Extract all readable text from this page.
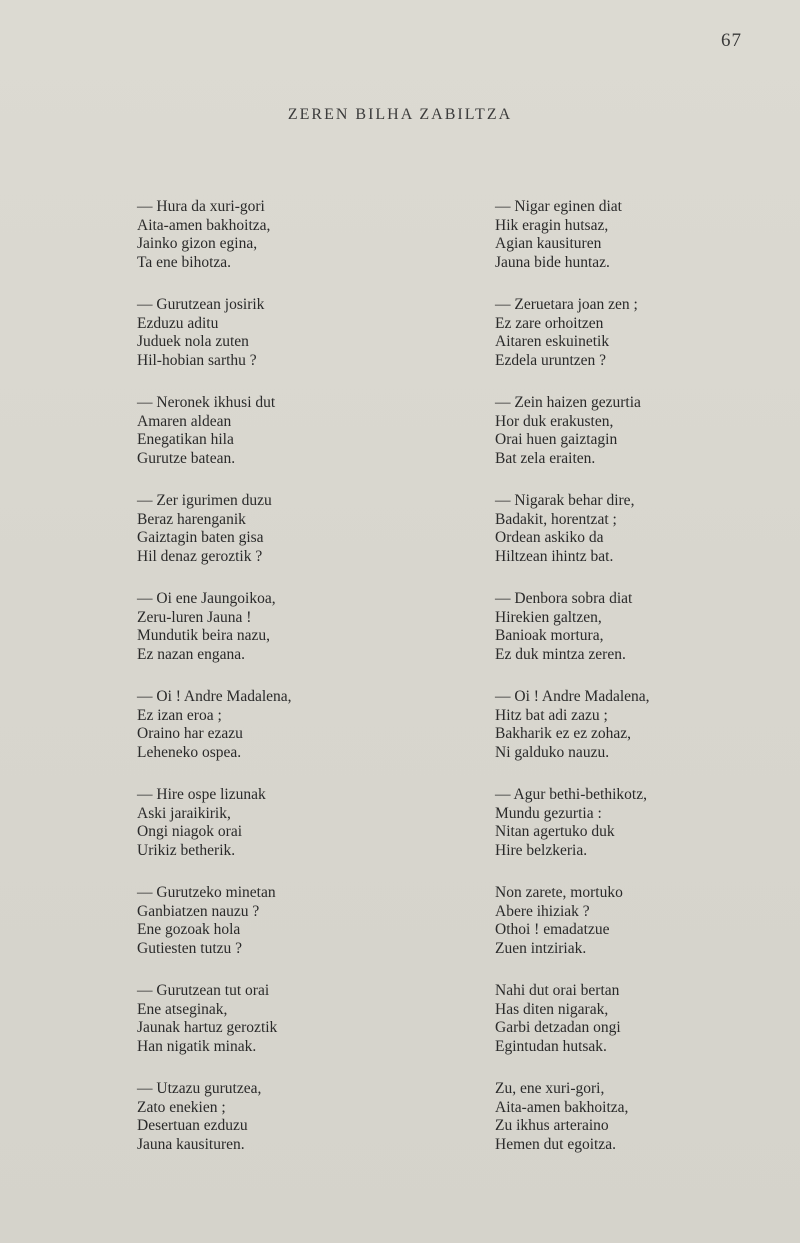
67
ZEREN BILHA ZABILTZA
— Hura da xuri-gori
Aita-amen bakhoitza,
Jainko gizon egina,
Ta ene bihotza.
— Gurutzean josirik
Ezduzu aditu
Juduek nola zuten
Hil-hobian sarthu ?
— Neronek ikhusi dut
Amaren aldean
Enegatikan hila
Gurutze batean.
— Zer igurimen duzu
Beraz harenganik
Gaiztagin baten gisa
Hil denaz geroztik ?
— Oi ene Jaungoikoa,
Zeru-luren Jauna !
Mundutik beira nazu,
Ez nazan engana.
— Oi ! Andre Madalena,
Ez izan eroa ;
Oraino har ezazu
Leheneko ospea.
— Hire ospe lizunak
Aski jaraikirik,
Ongi niagok orai
Urikiz betherik.
— Gurutzeko minetan
Ganbiatzen nauzu ?
Ene gozoak hola
Gutiesten tutzu ?
— Gurutzean tut orai
Ene atseginak,
Jaunak hartuz geroztik
Han nigatik minak.
— Utzazu gurutzea,
Zato enekien ;
Desertuan ezduzu
Jauna kausituren.
— Nigar eginen diat
Hik eragin hutsaz,
Agian kausituren
Jauna bide huntaz.
— Zeruetara joan zen ;
Ez zare orhoitzen
Aitaren eskuinetik
Ezdela uruntzen ?
— Zein haizen gezurtia
Hor duk erakusten,
Orai huen gaiztagin
Bat zela eraiten.
— Nigarak behar dire,
Badakit, horentzat ;
Ordean askiko da
Hiltzean ihintz bat.
— Denbora sobra diat
Hirekien galtzen,
Banioak mortura,
Ez duk mintza zeren.
— Oi ! Andre Madalena,
Hitz bat adi zazu ;
Bakharik ez ez zohaz,
Ni galduko nauzu.
— Agur bethi-bethikotz,
Mundu gezurtia :
Nitan agertuko duk
Hire belzkeria.
Non zarete, mortuko
Abere ihiziak ?
Othoi ! emadatzue
Zuen intziriak.
Nahi dut orai bertan
Has diten nigarak,
Garbi detzadan ongi
Egintudan hutsak.
Zu, ene xuri-gori,
Aita-amen bakhoitza,
Zu ikhus arteraino
Hemen dut egoitza.
